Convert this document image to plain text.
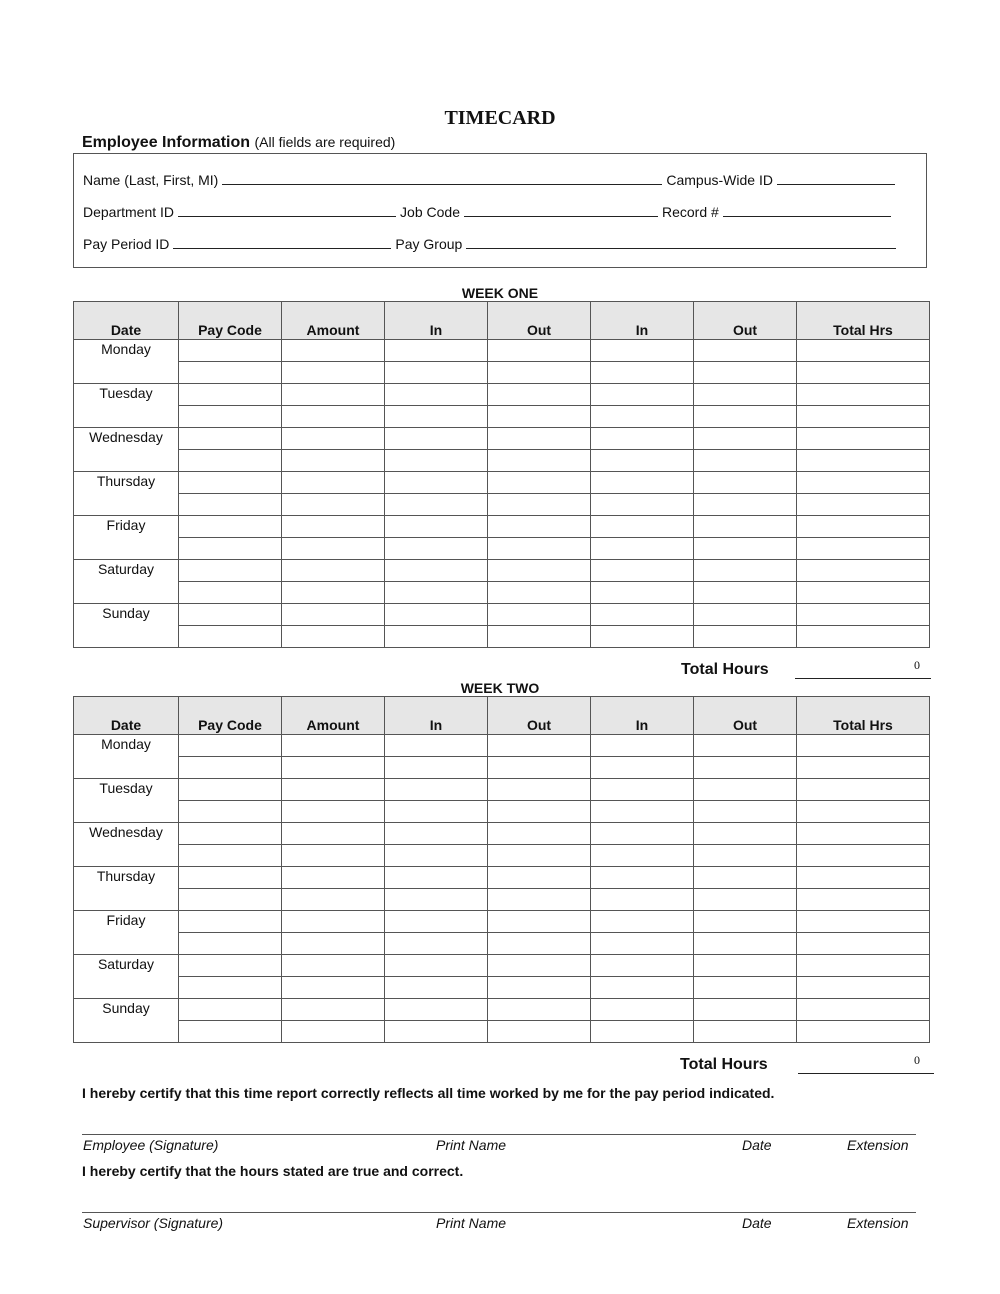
TIMECARD
Employee Information (All fields are required)
Name (Last, First, MI)	Campus-Wide ID
Department ID	Job Code	Record #
Pay Period ID	Pay Group
WEEK ONE
Date	Pay Code	Amount	In	Out	In	Out	Total Hrs
Monday							

Tuesday							

Wednesday							

Thursday							

Friday							

Saturday							

Sunday							

Total Hours	0
WEEK TWO
Date	Pay Code	Amount	In	Out	In	Out	Total Hrs
Monday							

Tuesday							

Wednesday							

Thursday							

Friday							

Saturday							

Sunday							

Total Hours	0
I hereby certify that this time report correctly reflects all time worked by me for the pay period indicated.
Employee (Signature)	Print Name	Date	Extension
I hereby certify that the hours stated are true and correct.
Supervisor (Signature)	Print Name	Date	Extension
